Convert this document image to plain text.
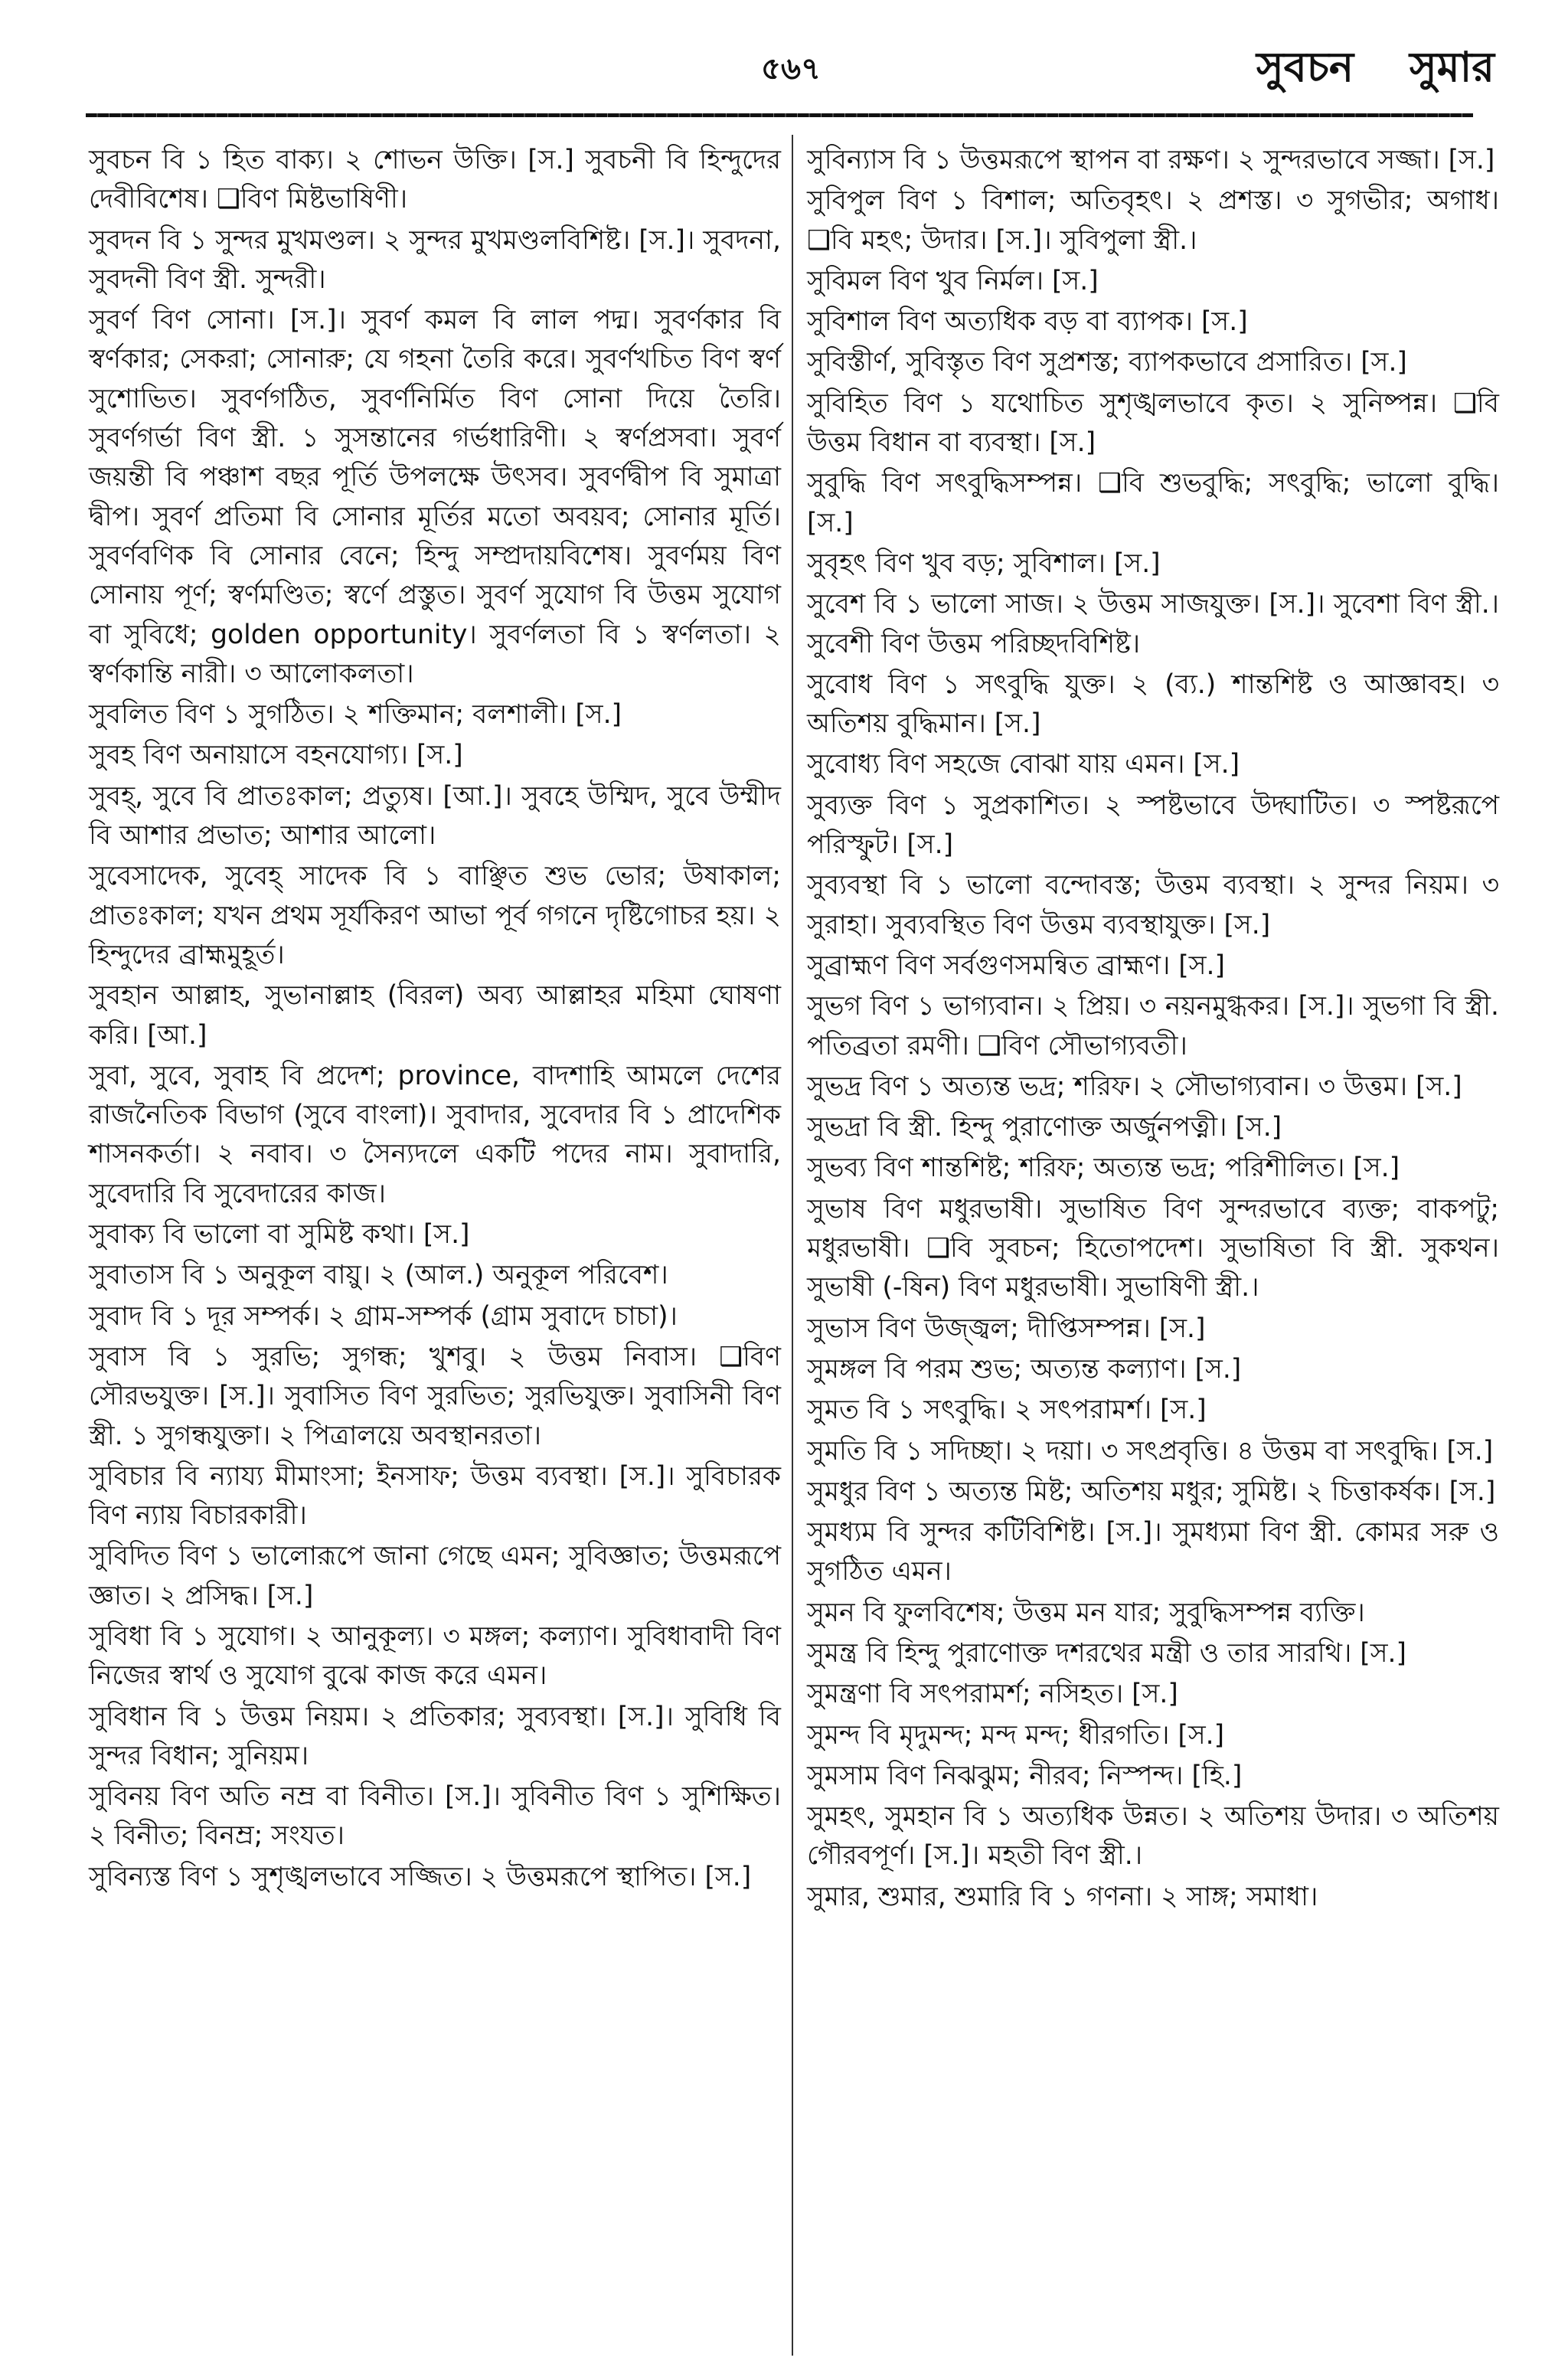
৫৬৭	সুবচন সুমার

সুবচন বি ১ হিত বাক্য। ২ শোভন উক্তি। [স.] সুবচনী বি হিন্দুদের দেবীবিশেষ। ❑বিণ মিষ্টভাষিণী।

সুবদন বি ১ সুন্দর মুখমণ্ডল। ২ সুন্দর মুখমণ্ডলবিশিষ্ট। [স.]। সুবদনা, সুবদনী বিণ স্ত্রী. সুন্দরী।

সুবর্ণ বিণ সোনা। [স.]। সুবর্ণ কমল বি লাল পদ্ম। সুবর্ণকার বি স্বর্ণকার; সেকরা; সোনারু; যে গহনা তৈরি করে। সুবর্ণখচিত বিণ স্বর্ণ সুশোভিত। সুবর্ণগঠিত, সুবর্ণনির্মিত বিণ সোনা দিয়ে তৈরি। সুবর্ণগর্ভা বিণ স্ত্রী. ১ সুসন্তানের গর্ভধারিণী। ২ স্বর্ণপ্রসবা। সুবর্ণ জয়ন্তী বি পঞ্চাশ বছর পূর্তি উপলক্ষে উৎসব। সুবর্ণদ্বীপ বি সুমাত্রা দ্বীপ। সুবর্ণ প্রতিমা বি সোনার মূর্তির মতো অবয়ব; সোনার মূর্তি। সুবর্ণবণিক বি সোনার বেনে; হিন্দু সম্প্রদায়বিশেষ। সুবর্ণময় বিণ সোনায় পূর্ণ; স্বর্ণমণ্ডিত; স্বর্ণে প্রস্তুত। সুবর্ণ সুযোগ বি উত্তম সুযোগ বা সুবিধে; golden opportunity। সুবর্ণলতা বি ১ স্বর্ণলতা। ২ স্বর্ণকান্তি নারী। ৩ আলোকলতা।

সুবলিত বিণ ১ সুগঠিত। ২ শক্তিমান; বলশালী। [স.]

সুবহ বিণ অনায়াসে বহনযোগ্য। [স.]

সুবহ্, সুবে বি প্রাতঃকাল; প্রত্যুষ। [আ.]। সুবহে উম্মিদ, সুবে উম্মীদ বি আশার প্রভাত; আশার আলো।

সুবেসাদেক, সুবেহ্ সাদেক বি ১ বাঞ্ছিত শুভ ভোর; উষাকাল; প্রাতঃকাল; যখন প্রথম সূর্যকিরণ আভা পূর্ব গগনে দৃষ্টিগোচর হয়। ২ হিন্দুদের ব্রাহ্মমুহূর্ত।

সুবহান আল্লাহ, সুভানাল্লাহ (বিরল) অব্য আল্লাহর মহিমা ঘোষণা করি। [আ.]

সুবা, সুবে, সুবাহ বি প্রদেশ; province, বাদশাহি আমলে দেশের রাজনৈতিক বিভাগ (সুবে বাংলা)। সুবাদার, সুবেদার বি ১ প্রাদেশিক শাসনকর্তা। ২ নবাব। ৩ সৈন্যদলে একটি পদের নাম। সুবাদারি, সুবেদারি বি সুবেদারের কাজ।

সুবাক্য বি ভালো বা সুমিষ্ট কথা। [স.]

সুবাতাস বি ১ অনুকূল বায়ু। ২ (আল.) অনুকূল পরিবেশ।

সুবাদ বি ১ দূর সম্পর্ক। ২ গ্রাম-সম্পর্ক (গ্রাম সুবাদে চাচা)।

সুবাস বি ১ সুরভি; সুগন্ধ; খুশবু। ২ উত্তম নিবাস। ❑বিণ সৌরভযুক্ত। [স.]। সুবাসিত বিণ সুরভিত; সুরভিযুক্ত। সুবাসিনী বিণ স্ত্রী. ১ সুগন্ধযুক্তা। ২ পিত্রালয়ে অবস্থানরতা।

সুবিচার বি ন্যায্য মীমাংসা; ইনসাফ; উত্তম ব্যবস্থা। [স.]। সুবিচারক বিণ ন্যায় বিচারকারী।

সুবিদিত বিণ ১ ভালোরূপে জানা গেছে এমন; সুবিজ্ঞাত; উত্তমরূপে জ্ঞাত। ২ প্রসিদ্ধ। [স.]

সুবিধা বি ১ সুযোগ। ২ আনুকূল্য। ৩ মঙ্গল; কল্যাণ। সুবিধাবাদী বিণ নিজের স্বার্থ ও সুযোগ বুঝে কাজ করে এমন।

সুবিধান বি ১ উত্তম নিয়ম। ২ প্রতিকার; সুব্যবস্থা। [স.]। সুবিধি বি সুন্দর বিধান; সুনিয়ম।

সুবিনয় বিণ অতি নম্র বা বিনীত। [স.]। সুবিনীত বিণ ১ সুশিক্ষিত। ২ বিনীত; বিনম্র; সংযত।

সুবিন্যস্ত বিণ ১ সুশৃঙ্খলভাবে সজ্জিত। ২ উত্তমরূপে স্থাপিত। [স.]

সুবিন্যাস বি ১ উত্তমরূপে স্থাপন বা রক্ষণ। ২ সুন্দরভাবে সজ্জা। [স.]

সুবিপুল বিণ ১ বিশাল; অতিবৃহৎ। ২ প্রশস্ত। ৩ সুগভীর; অগাধ। ❑বি মহৎ; উদার। [স.]। সুবিপুলা স্ত্রী.।

সুবিমল বিণ খুব নির্মল। [স.]

সুবিশাল বিণ অত্যধিক বড় বা ব্যাপক। [স.]

সুবিস্তীর্ণ, সুবিস্তৃত বিণ সুপ্রশস্ত; ব্যাপকভাবে প্রসারিত। [স.]

সুবিহিত বিণ ১ যথোচিত সুশৃঙ্খলভাবে কৃত। ২ সুনিষ্পন্ন। ❑বি উত্তম বিধান বা ব্যবস্থা। [স.]

সুবুদ্ধি বিণ সৎবুদ্ধিসম্পন্ন। ❑বি শুভবুদ্ধি; সৎবুদ্ধি; ভালো বুদ্ধি। [স.]

সুবৃহৎ বিণ খুব বড়; সুবিশাল। [স.]

সুবেশ বি ১ ভালো সাজ। ২ উত্তম সাজযুক্ত। [স.]। সুবেশা বিণ স্ত্রী.। সুবেশী বিণ উত্তম পরিচ্ছদবিশিষ্ট।

সুবোধ বিণ ১ সৎবুদ্ধি যুক্ত। ২ (ব্য.) শান্তশিষ্ট ও আজ্ঞাবহ। ৩ অতিশয় বুদ্ধিমান। [স.]

সুবোধ্য বিণ সহজে বোঝা যায় এমন। [স.]

সুব্যক্ত বিণ ১ সুপ্রকাশিত। ২ স্পষ্টভাবে উদ্ঘাটিত। ৩ স্পষ্টরূপে পরিস্ফুট। [স.]

সুব্যবস্থা বি ১ ভালো বন্দোবস্ত; উত্তম ব্যবস্থা। ২ সুন্দর নিয়ম। ৩ সুরাহা। সুব্যবস্থিত বিণ উত্তম ব্যবস্থাযুক্ত। [স.]

সুব্রাহ্মণ বিণ সর্বগুণসমন্বিত ব্রাহ্মণ। [স.]

সুভগ বিণ ১ ভাগ্যবান। ২ প্রিয়। ৩ নয়নমুগ্ধকর। [স.]। সুভগা বি স্ত্রী. পতিব্রতা রমণী। ❑বিণ সৌভাগ্যবতী।

সুভদ্র বিণ ১ অত্যন্ত ভদ্র; শরিফ। ২ সৌভাগ্যবান। ৩ উত্তম। [স.]

সুভদ্রা বি স্ত্রী. হিন্দু পুরাণোক্ত অর্জুনপত্নী। [স.]

সুভব্য বিণ শান্তশিষ্ট; শরিফ; অত্যন্ত ভদ্র; পরিশীলিত। [স.]

সুভাষ বিণ মধুরভাষী। সুভাষিত বিণ সুন্দরভাবে ব্যক্ত; বাকপটু; মধুরভাষী। ❑বি সুবচন; হিতোপদেশ। সুভাষিতা বি স্ত্রী. সুকথন। সুভাষী (-ষিন) বিণ মধুরভাষী। সুভাষিণী স্ত্রী.।

সুভাস বিণ উজ্জ্বল; দীপ্তিসম্পন্ন। [স.]

সুমঙ্গল বি পরম শুভ; অত্যন্ত কল্যাণ। [স.]

সুমত বি ১ সৎবুদ্ধি। ২ সৎপরামর্শ। [স.]

সুমতি বি ১ সদিচ্ছা। ২ দয়া। ৩ সৎপ্রবৃত্তি। ৪ উত্তম বা সৎবুদ্ধি। [স.]

সুমধুর বিণ ১ অত্যন্ত মিষ্ট; অতিশয় মধুর; সুমিষ্ট। ২ চিত্তাকর্ষক। [স.]

সুমধ্যম বি সুন্দর কটিবিশিষ্ট। [স.]। সুমধ্যমা বিণ স্ত্রী. কোমর সরু ও সুগঠিত এমন।

সুমন বি ফুলবিশেষ; উত্তম মন যার; সুবুদ্ধিসম্পন্ন ব্যক্তি।

সুমন্ত্র বি হিন্দু পুরাণোক্ত দশরথের মন্ত্রী ও তার সারথি। [স.]

সুমন্ত্রণা বি সৎপরামর্শ; নসিহত। [স.]

সুমন্দ বি মৃদুমন্দ; মন্দ মন্দ; ধীরগতি। [স.]

সুমসাম বিণ নিঝঝুম; নীরব; নিস্পন্দ। [হি.]

সুমহৎ, সুমহান বি ১ অত্যধিক উন্নত। ২ অতিশয় উদার। ৩ অতিশয় গৌরবপূর্ণ। [স.]। মহতী বিণ স্ত্রী.।

সুমার, শুমার, শুমারি বি ১ গণনা। ২ সাঙ্গ; সমাধা।
